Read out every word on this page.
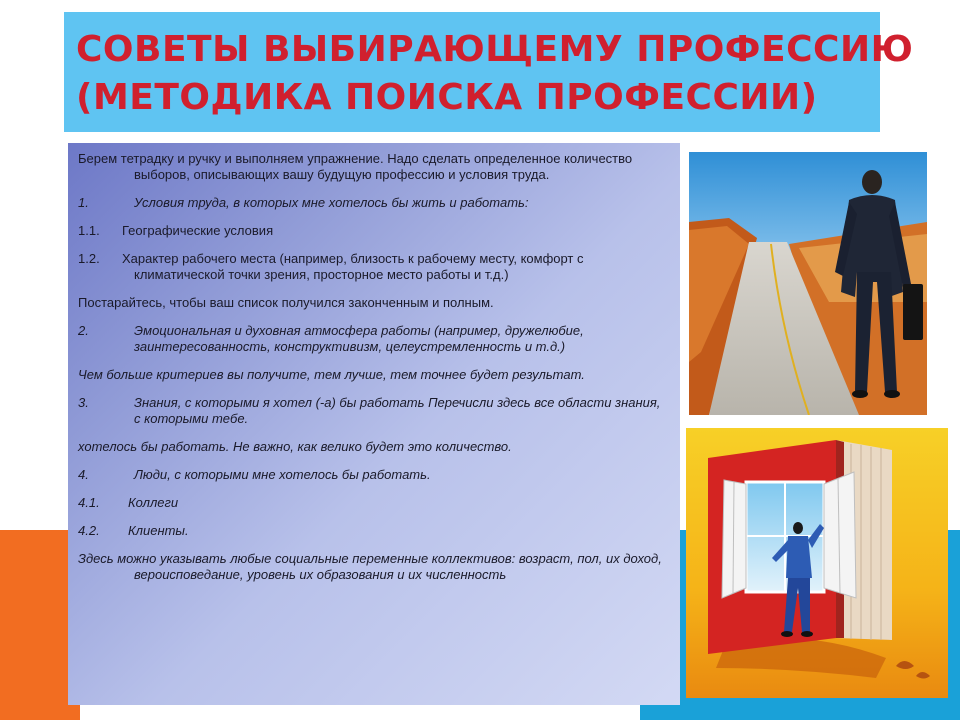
СОВЕТЫ ВЫБИРАЮЩЕМУ ПРОФЕССИЮ
(МЕТОДИКА ПОИСКА ПРОФЕССИИ)

Берем тетрадку и ручку и выполняем упражнение. Надо сделать определенное количество выборов, описывающих вашу будущую профессию и условия труда.

1.	Условия труда, в которых мне хотелось бы жить и работать:

1.1. Географические условия

1.2. Характер рабочего места (например, близость к рабочему месту, комфорт с климатической точки зрения, просторное место работы и т.д.)

Постарайтесь, чтобы ваш список получился законченным и полным.

2.	Эмоциональная и духовная атмосфера работы (например, дружелюбие, заинтересованность, конструктивизм, целеустремленность и т.д.)

Чем больше критериев вы получите, тем лучше, тем точнее будет результат.

3.	Знания, с которыми я хотел (-а) бы работать Перечисли здесь все области знания, с которыми тебе.

хотелось бы работать. Не важно, как велико будет это количество.

4.	Люди, с которыми мне хотелось бы работать.

4.1. Коллеги

4.2. Клиенты.

Здесь можно указывать любые социальные переменные коллективов: возраст, пол, их доход, вероисповедание, уровень их образования и их численность
